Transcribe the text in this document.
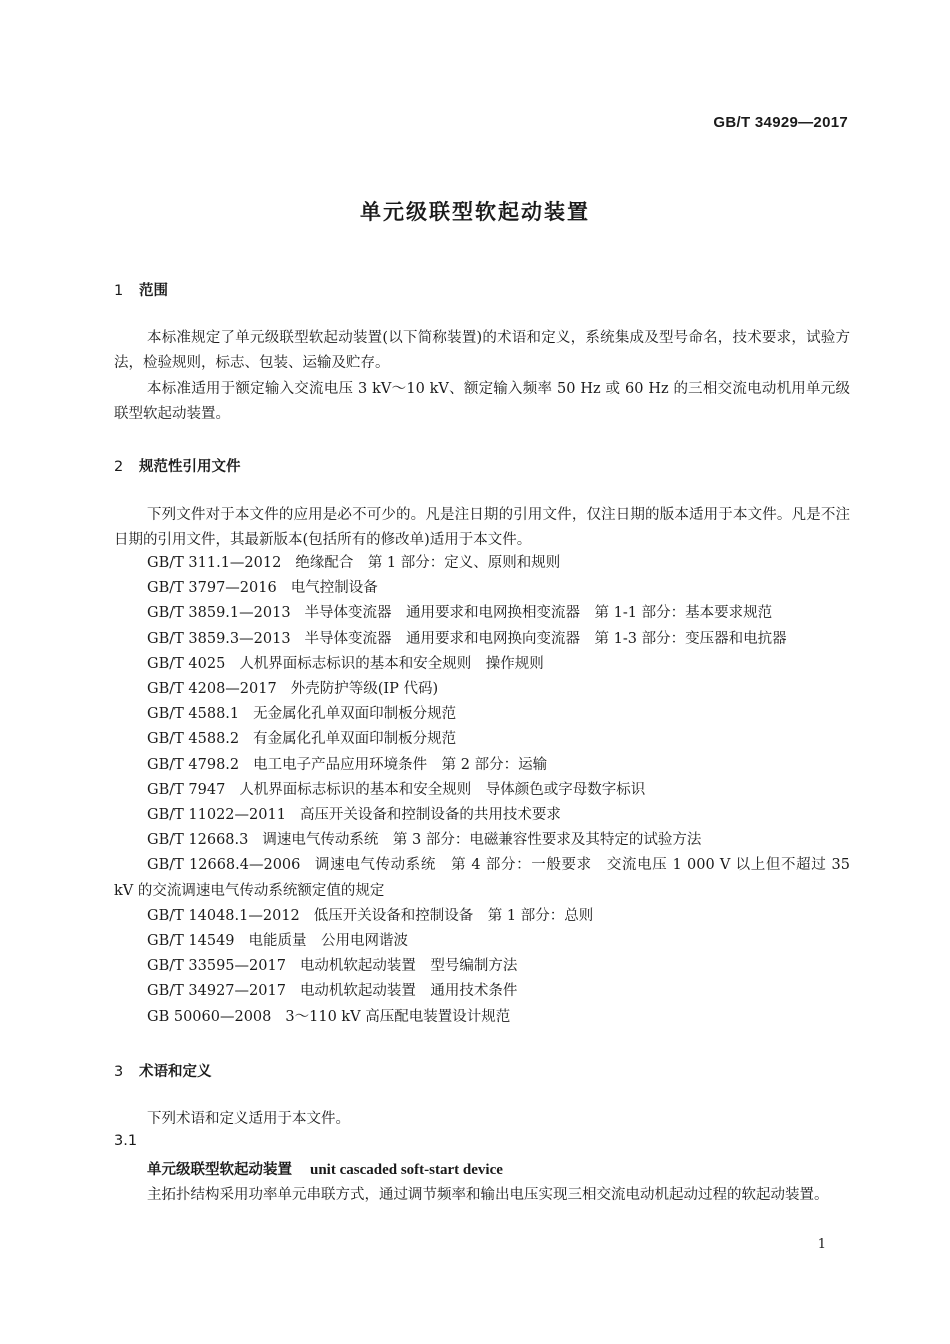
GB/T 34929—2017
单元级联型软起动装置
1 范围
本标准规定了单元级联型软起动装置(以下简称装置)的术语和定义，系统集成及型号命名，技术要求，试验方法，检验规则，标志、包装、运输及贮存。
本标准适用于额定输入交流电压 3 kV～10 kV、额定输入频率 50 Hz 或 60 Hz 的三相交流电动机用单元级联型软起动装置。
2 规范性引用文件
下列文件对于本文件的应用是必不可少的。凡是注日期的引用文件，仅注日期的版本适用于本文件。凡是不注日期的引用文件，其最新版本(包括所有的修改单)适用于本文件。
GB/T 311.1—2012 绝缘配合　第 1 部分：定义、原则和规则
GB/T 3797—2016 电气控制设备
GB/T 3859.1—2013 半导体变流器　通用要求和电网换相变流器　第 1-1 部分：基本要求规范
GB/T 3859.3—2013 半导体变流器　通用要求和电网换向变流器　第 1-3 部分：变压器和电抗器
GB/T 4025 人机界面标志标识的基本和安全规则　操作规则
GB/T 4208—2017 外壳防护等级(IP 代码)
GB/T 4588.1 无金属化孔单双面印制板分规范
GB/T 4588.2 有金属化孔单双面印制板分规范
GB/T 4798.2 电工电子产品应用环境条件　第 2 部分：运输
GB/T 7947 人机界面标志标识的基本和安全规则　导体颜色或字母数字标识
GB/T 11022—2011 高压开关设备和控制设备的共用技术要求
GB/T 12668.3 调速电气传动系统　第 3 部分：电磁兼容性要求及其特定的试验方法
GB/T 12668.4—2006 调速电气传动系统　第 4 部分：一般要求　交流电压 1 000 V 以上但不超过 35 kV 的交流调速电气传动系统额定值的规定
GB/T 14048.1—2012 低压开关设备和控制设备　第 1 部分：总则
GB/T 14549 电能质量　公用电网谐波
GB/T 33595—2017 电动机软起动装置　型号编制方法
GB/T 34927—2017 电动机软起动装置　通用技术条件
GB 50060—2008 3～110 kV 高压配电装置设计规范
3 术语和定义
下列术语和定义适用于本文件。
3.1
单元级联型软起动装置 unit cascaded soft-start device
主拓扑结构采用功率单元串联方式，通过调节频率和输出电压实现三相交流电动机起动过程的软起动装置。
1
